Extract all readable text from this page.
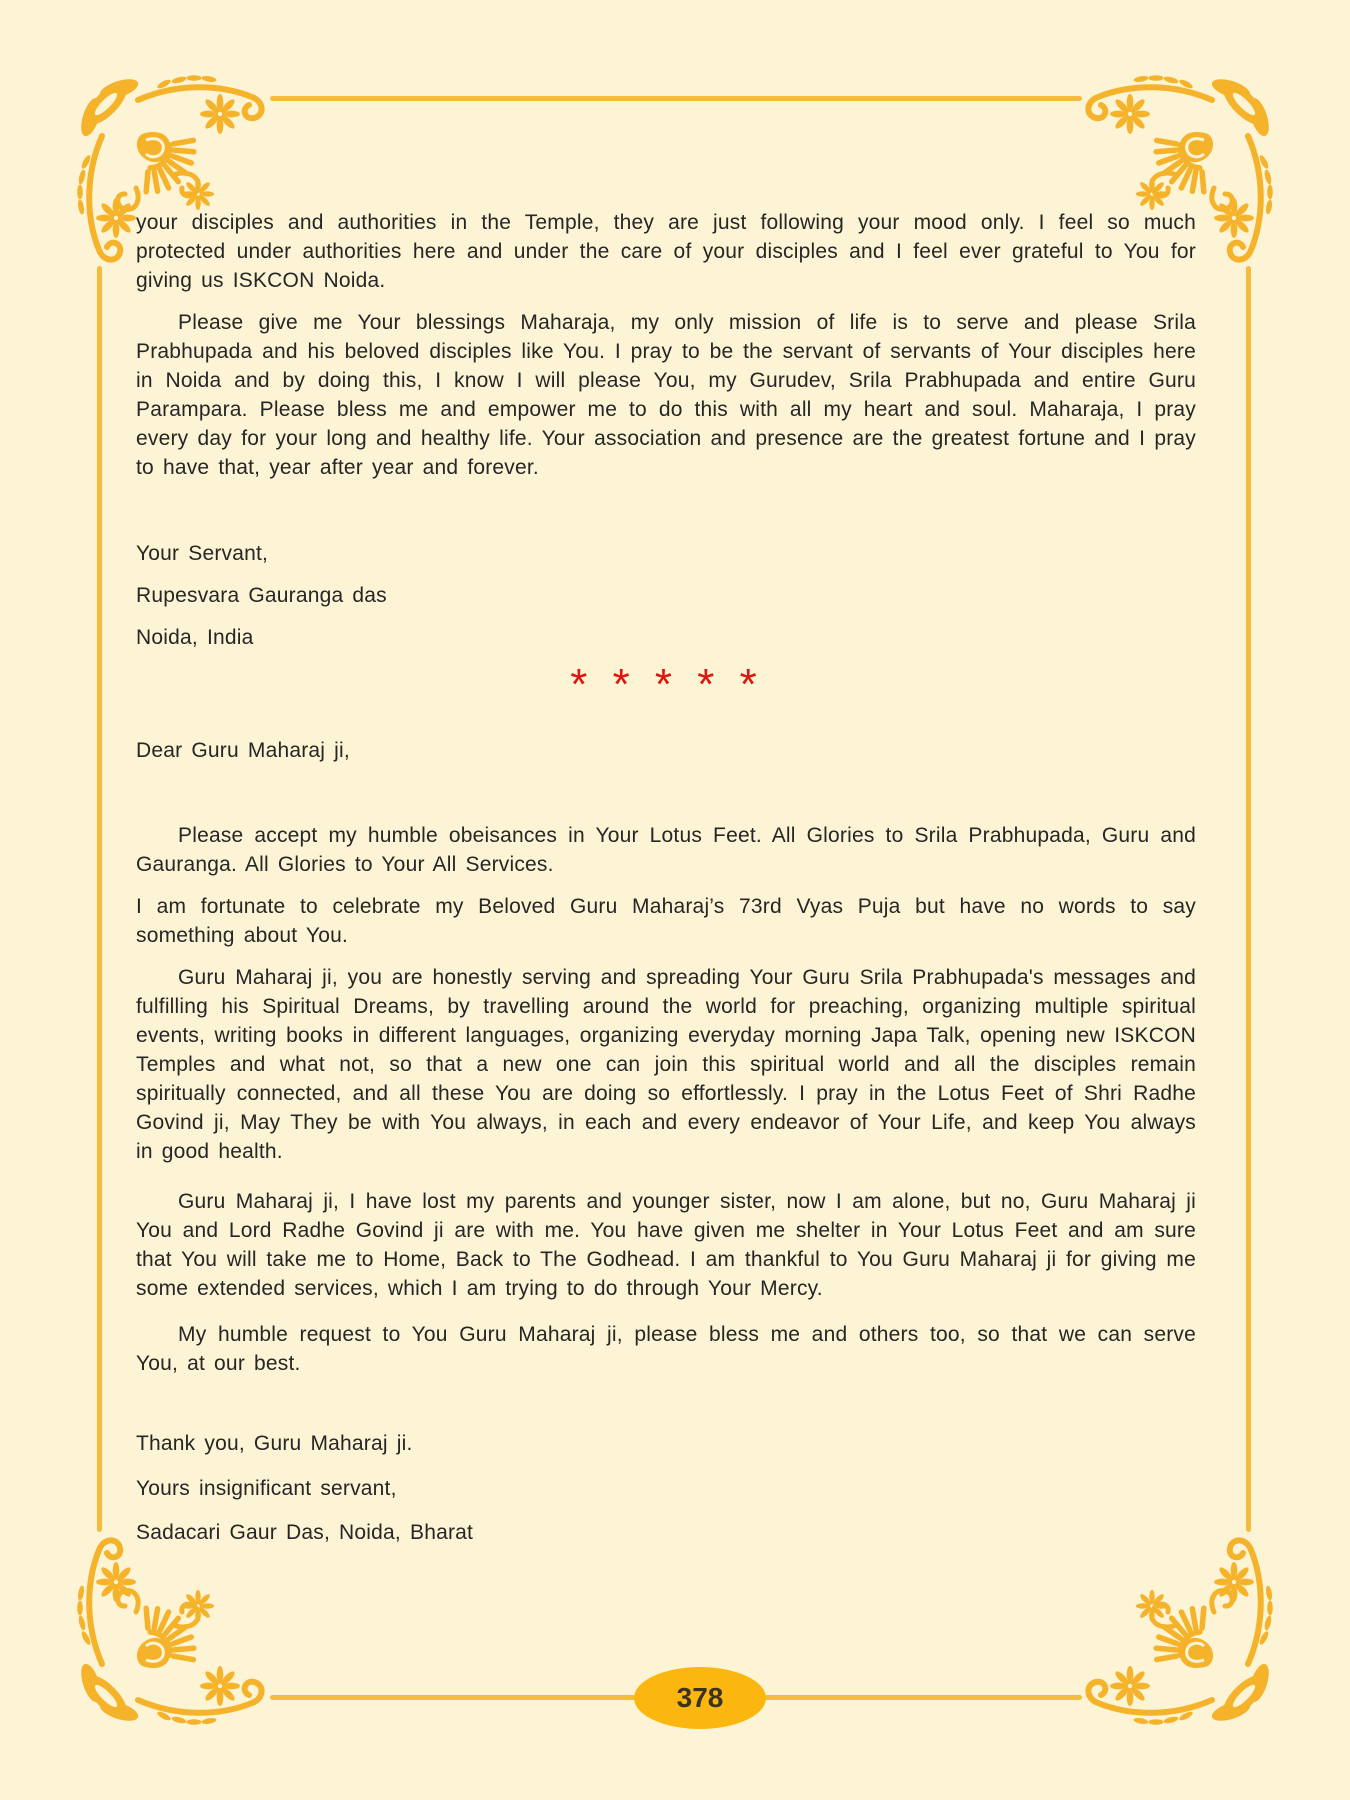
your disciples and authorities in the Temple, they are just following your mood only. I feel so much protected under authorities here and under the care of your disciples and I feel ever grateful to You for giving us ISKCON Noida.

Please give me Your blessings Maharaja, my only mission of life is to serve and please Srila Prabhupada and his beloved disciples like You. I pray to be the servant of servants of Your disciples here in Noida and by doing this, I know I will please You, my Gurudev, Srila Prabhupada and entire Guru Parampara. Please bless me and empower me to do this with all my heart and soul. Maharaja, I pray every day for your long and healthy life. Your association and presence are the greatest fortune and I pray to have that, year after year and forever.

Your Servant,

Rupesvara Gauranga das

Noida, India

* * * * *

Dear Guru Maharaj ji,

Please accept my humble obeisances in Your Lotus Feet. All Glories to Srila Prabhupada, Guru and Gauranga. All Glories to Your All Services.

I am fortunate to celebrate my Beloved Guru Maharaj’s 73rd Vyas Puja but have no words to say something about You.

Guru Maharaj ji, you are honestly serving and spreading Your Guru Srila Prabhupada's messages and fulfilling his Spiritual Dreams, by travelling around the world for preaching, organizing multiple spiritual events, writing books in different languages, organizing everyday morning Japa Talk, opening new ISKCON Temples and what not, so that a new one can join this spiritual world and all the disciples remain spiritually connected, and all these You are doing so effortlessly. I pray in the Lotus Feet of Shri Radhe Govind ji, May They be with You always, in each and every endeavor of Your Life, and keep You always in good health.

Guru Maharaj ji, I have lost my parents and younger sister, now I am alone, but no, Guru Maharaj ji You and Lord Radhe Govind ji are with me. You have given me shelter in Your Lotus Feet and am sure that You will take me to Home, Back to The Godhead. I am thankful to You Guru Maharaj ji for giving me some extended services, which I am trying to do through Your Mercy.

My humble request to You Guru Maharaj ji, please bless me and others too, so that we can serve You, at our best.

Thank you, Guru Maharaj ji.

Yours insignificant servant,

Sadacari Gaur Das, Noida, Bharat

378
